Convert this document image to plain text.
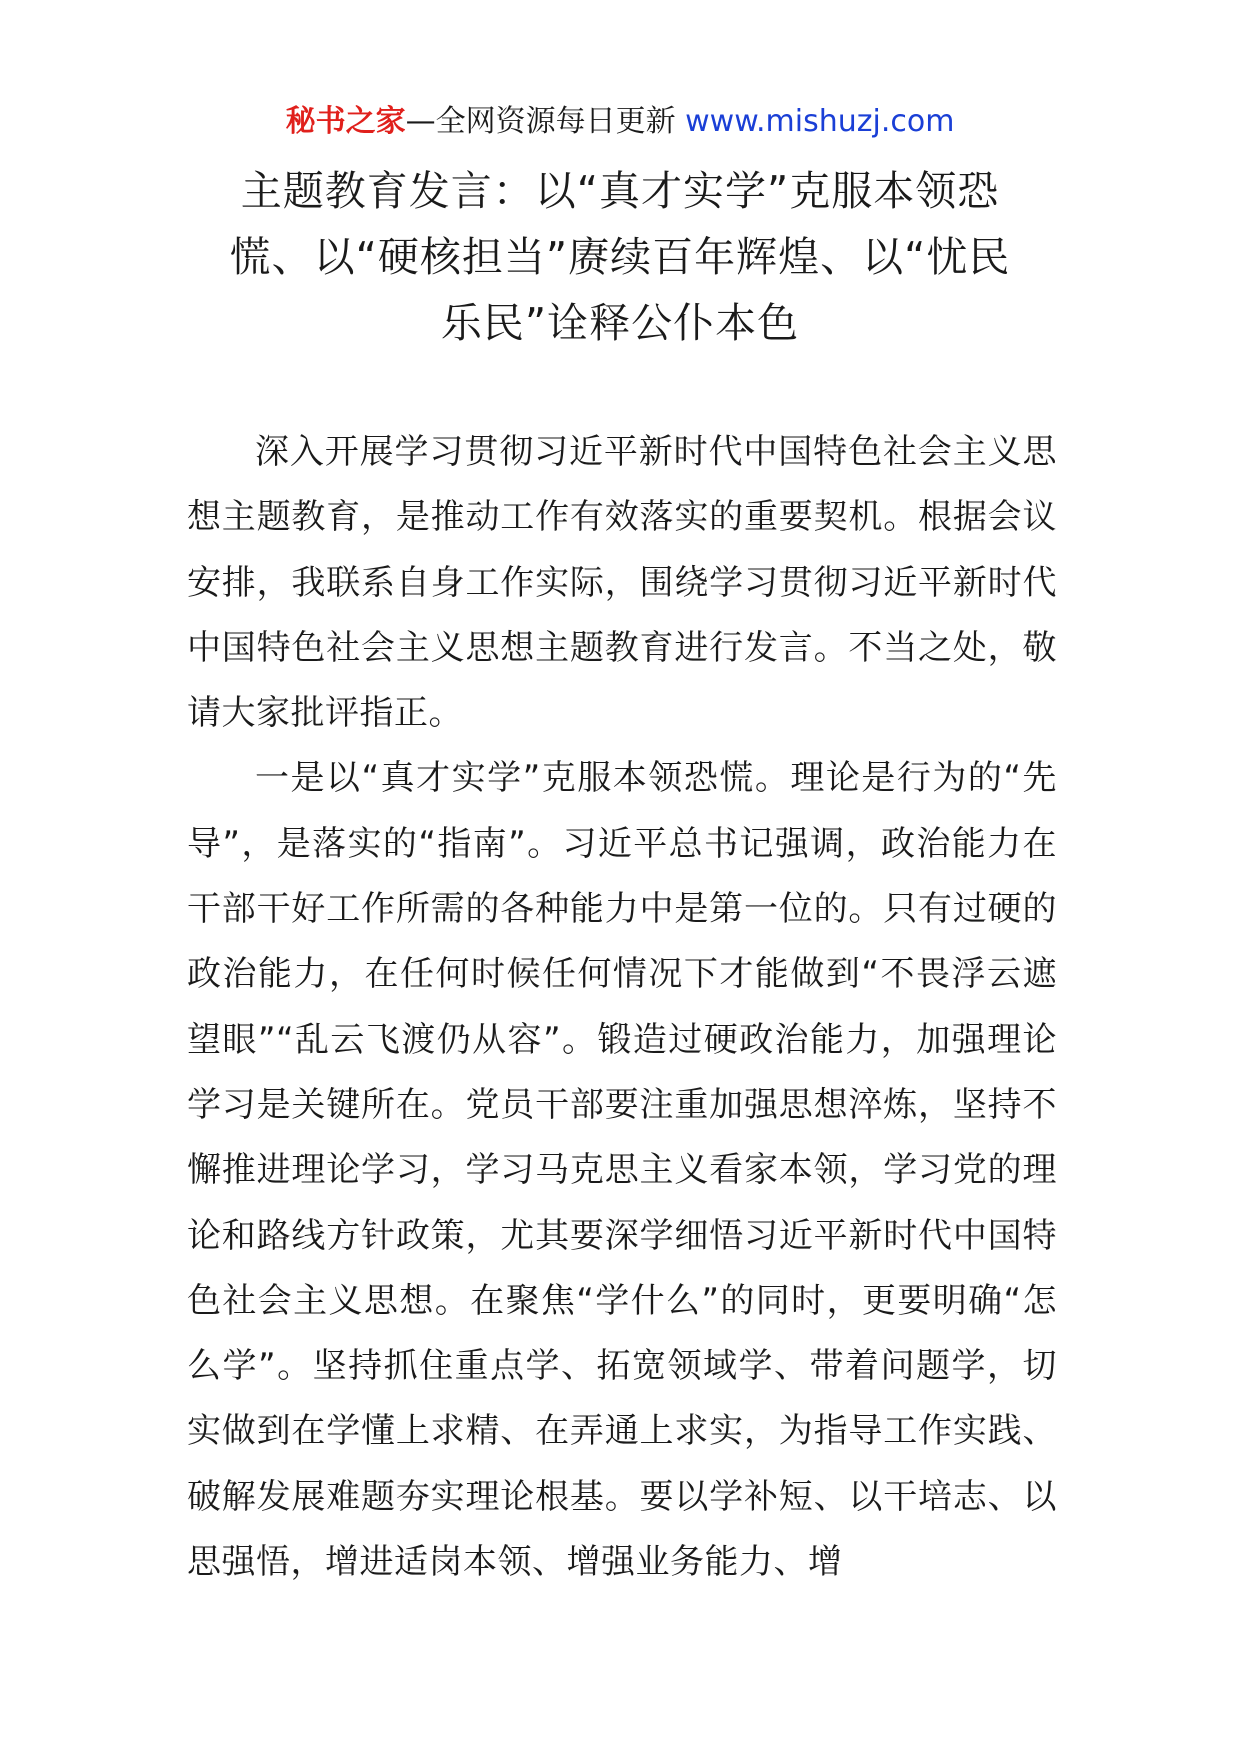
秘书之家—全网资源每日更新 www.mishuzj.com
主题教育发言：以“真才实学”克服本领恐
慌、以“硬核担当”赓续百年辉煌、以“忧民
乐民”诠释公仆本色

深入开展学习贯彻习近平新时代中国特色社会主义思想主题教育，是推动工作有效落实的重要契机。根据会议安排，我联系自身工作实际，围绕学习贯彻习近平新时代中国特色社会主义思想主题教育进行发言。不当之处，敬请大家批评指正。

一是以“真才实学”克服本领恐慌。理论是行为的“先导”，是落实的“指南”。习近平总书记强调，政治能力在干部干好工作所需的各种能力中是第一位的。只有过硬的政治能力，在任何时候任何情况下才能做到“不畏浮云遮望眼”“乱云飞渡仍从容”。锻造过硬政治能力，加强理论学习是关键所在。党员干部要注重加强思想淬炼，坚持不懈推进理论学习，学习马克思主义看家本领，学习党的理论和路线方针政策，尤其要深学细悟习近平新时代中国特色社会主义思想。在聚焦“学什么”的同时，更要明确“怎么学”。坚持抓住重点学、拓宽领域学、带着问题学，切实做到在学懂上求精、在弄通上求实，为指导工作实践、破解发展难题夯实理论根基。要以学补短、以干培志、以思强悟，增进适岗本领、增强业务能力、增
